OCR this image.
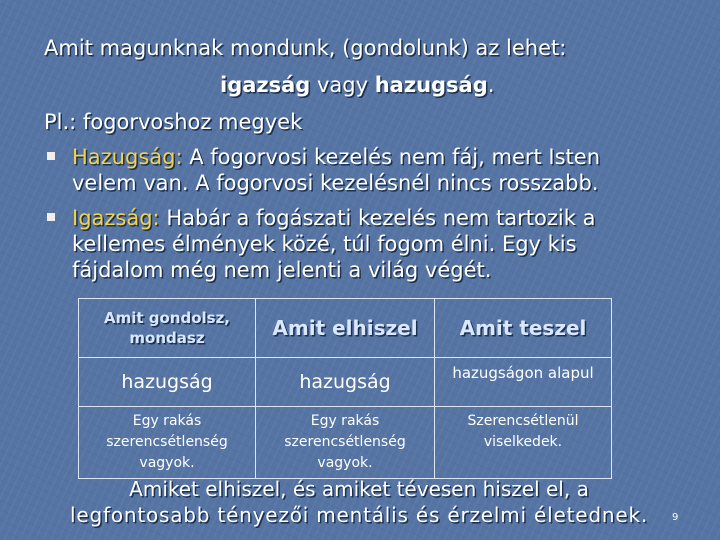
Amit magunknak mondunk, (gondolunk) az lehet:
igazság vagy hazugság.
Pl.: fogorvoshoz megyek
Hazugság: A fogorvosi kezelés nem fáj, mert Isten
velem van. A fogorvosi kezelésnél nincs rosszabb.
Igazság: Habár a fogászati kezelés nem tartozik a
kellemes élmények közé, túl fogom élni. Egy kis
fájdalom még nem jelenti a világ végét.
Amit gondolsz,
mondasz	Amit elhiszel	Amit teszel
hazugság	hazugság	hazugságon alapul
Egy rakás
szerencsétlenség
vagyok.	Egy rakás
szerencsétlenség
vagyok.	Szerencsétlenül
viselkedek.
Amiket elhiszel, és amiket tévesen hiszel el, a
legfontosabb tényezői mentális és érzelmi életednek.	9
